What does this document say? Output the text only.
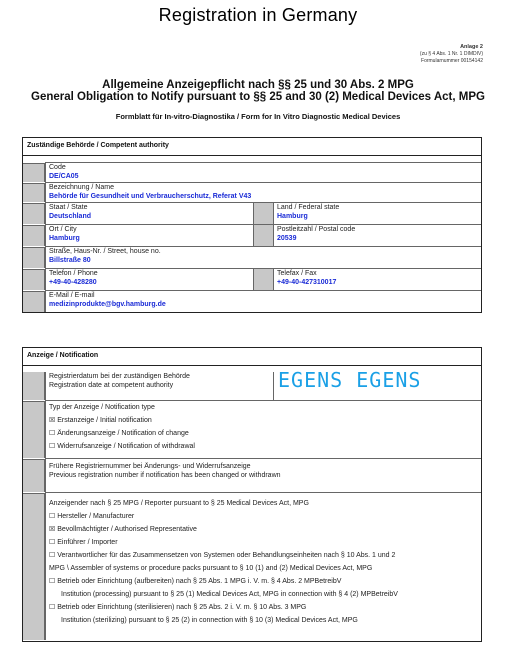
Registration in Germany
Anlage 2
(zu § 4 Abs. 1 Nr. 1 DIMDIV)
Formularnummer 00154142
Allgemeine Anzeigepflicht nach §§ 25 und 30 Abs. 2 MPG
General Obligation to Notify pursuant to §§ 25 and 30 (2) Medical Devices Act, MPG
Formblatt für In-vitro-Diagnostika / Form for In Vitro Diagnostic Medical Devices
Zuständige Behörde / Competent authority
Code
DE/CA05
Bezeichnung / Name
Behörde für Gesundheit und Verbraucherschutz, Referat V43
Staat / State
Deutschland
Land / Federal state
Hamburg
Ort / City
Hamburg
Postleitzahl / Postal code
20539
Straße, Haus-Nr. / Street, house no.
Billstraße 80
Telefon / Phone
+49-40-428280
Telefax / Fax
+49-40-427310017
E-Mail / E-mail
medizinprodukte@bgv.hamburg.de
Anzeige / Notification
Registrierdatum bei der zuständigen Behörde
Registration date at competent authority
Typ der Anzeige / Notification type
☒ Erstanzeige / Initial notification
☐ Änderungsanzeige / Notification of change
☐ Widerrufsanzeige / Notification of withdrawal
Frühere Registriernummer bei Änderungs- und Widerrufsanzeige
Previous registration number if notification has been changed or withdrawn
Anzeigender nach § 25 MPG / Reporter pursuant to § 25 Medical Devices Act, MPG
☐ Hersteller / Manufacturer
☒ Bevollmächtigter / Authorised Representative
☐ Einführer / Importer
☐ Verantwortlicher für das Zusammensetzen von Systemen oder Behandlungseinheiten nach § 10 Abs. 1 und 2
MPG \ Assembler of systems or procedure packs pursuant to § 10 (1) and (2) Medical Devices Act, MPG
☐ Betrieb oder Einrichtung (aufbereiten) nach § 25 Abs. 1 MPG i. V. m. § 4 Abs. 2 MPBetreibV
Institution (processing) pursuant to § 25 (1) Medical Devices Act, MPG in connection with § 4 (2) MPBetreibV
☐ Betrieb oder Einrichtung (sterilisieren) nach § 25 Abs. 2 i. V. m. § 10 Abs. 3 MPG
Institution (sterilizing) pursuant to § 25 (2) in connection with § 10 (3) Medical Devices Act, MPG
EGENS EGENS
